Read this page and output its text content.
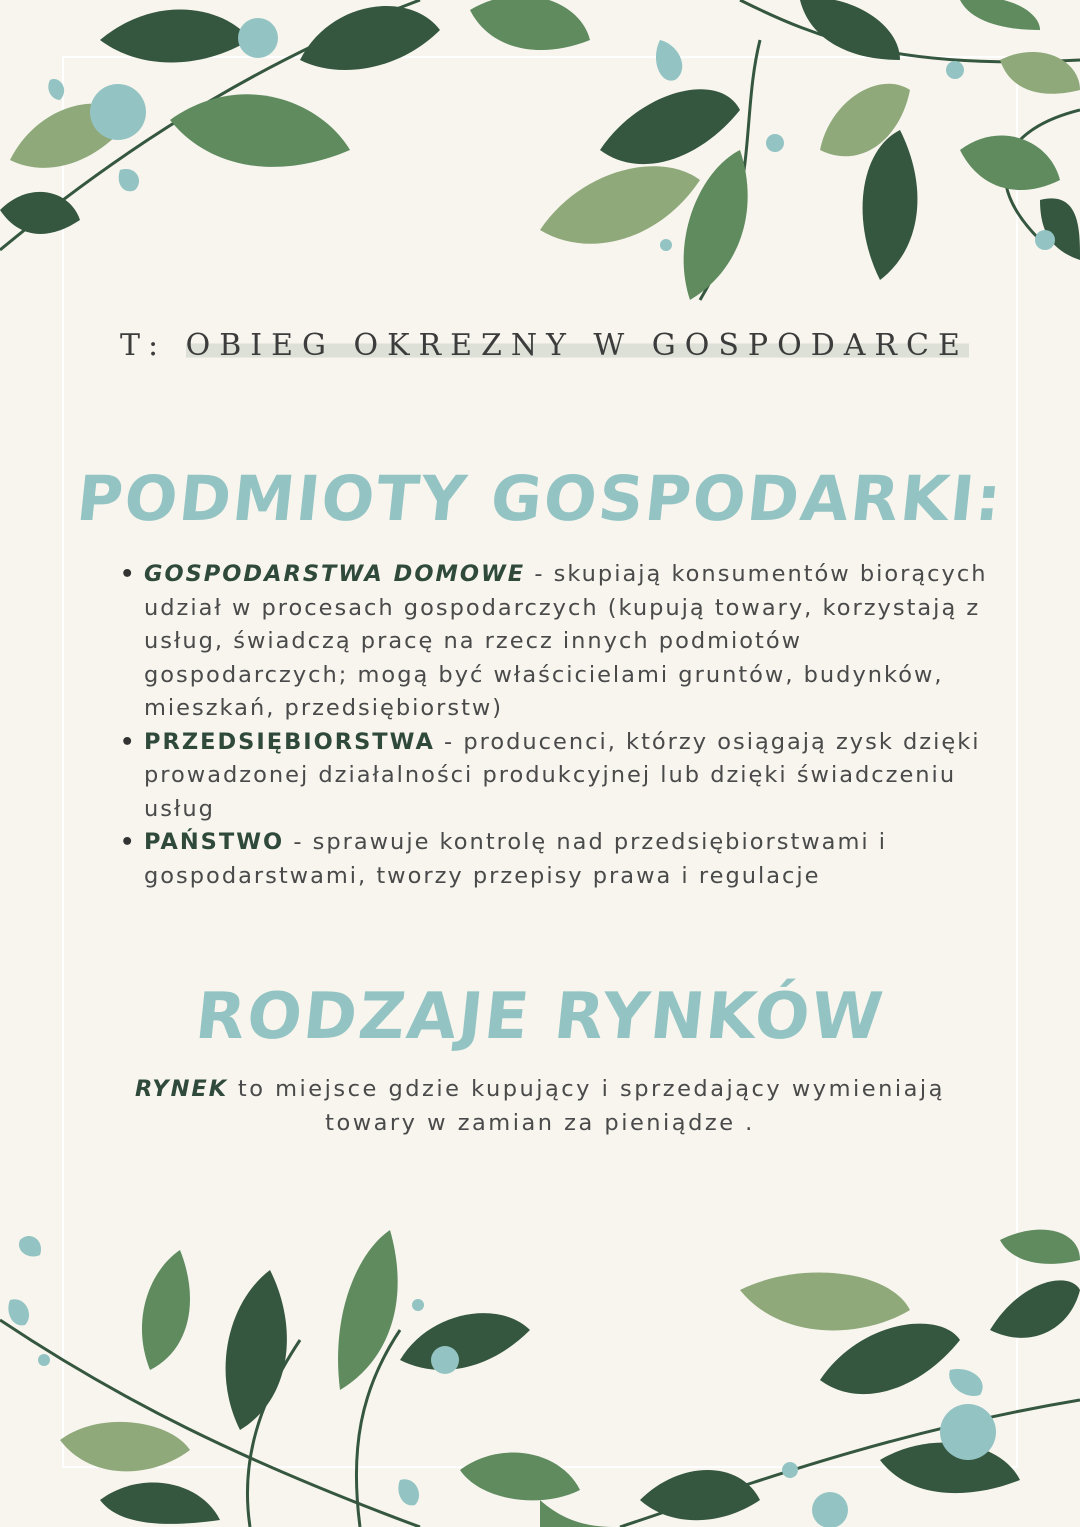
T: OBIEG OKREZNY W GOSPODARCE
PODMIOTY GOSPODARKI:
• GOSPODARSTWA DOMOWE - skupiają konsumentów biorących udział w procesach gospodarczych (kupują towary, korzystają z usług, świadczą pracę na rzecz innych podmiotów gospodarczych; mogą być właścicielami gruntów, budynków, mieszkań, przedsiębiorstw)
• PRZEDSIĘBIORSTWA - producenci, którzy osiągają zysk dzięki prowadzonej działalności produkcyjnej lub dzięki świadczeniu usług
• PAŃSTWO - sprawuje kontrolę nad przedsiębiorstwami i gospodarstwami, tworzy przepisy prawa i regulacje
RODZAJE RYNKÓW
RYNEK to miejsce gdzie kupujący i sprzedający wymieniają towary w zamian za pieniądze .
